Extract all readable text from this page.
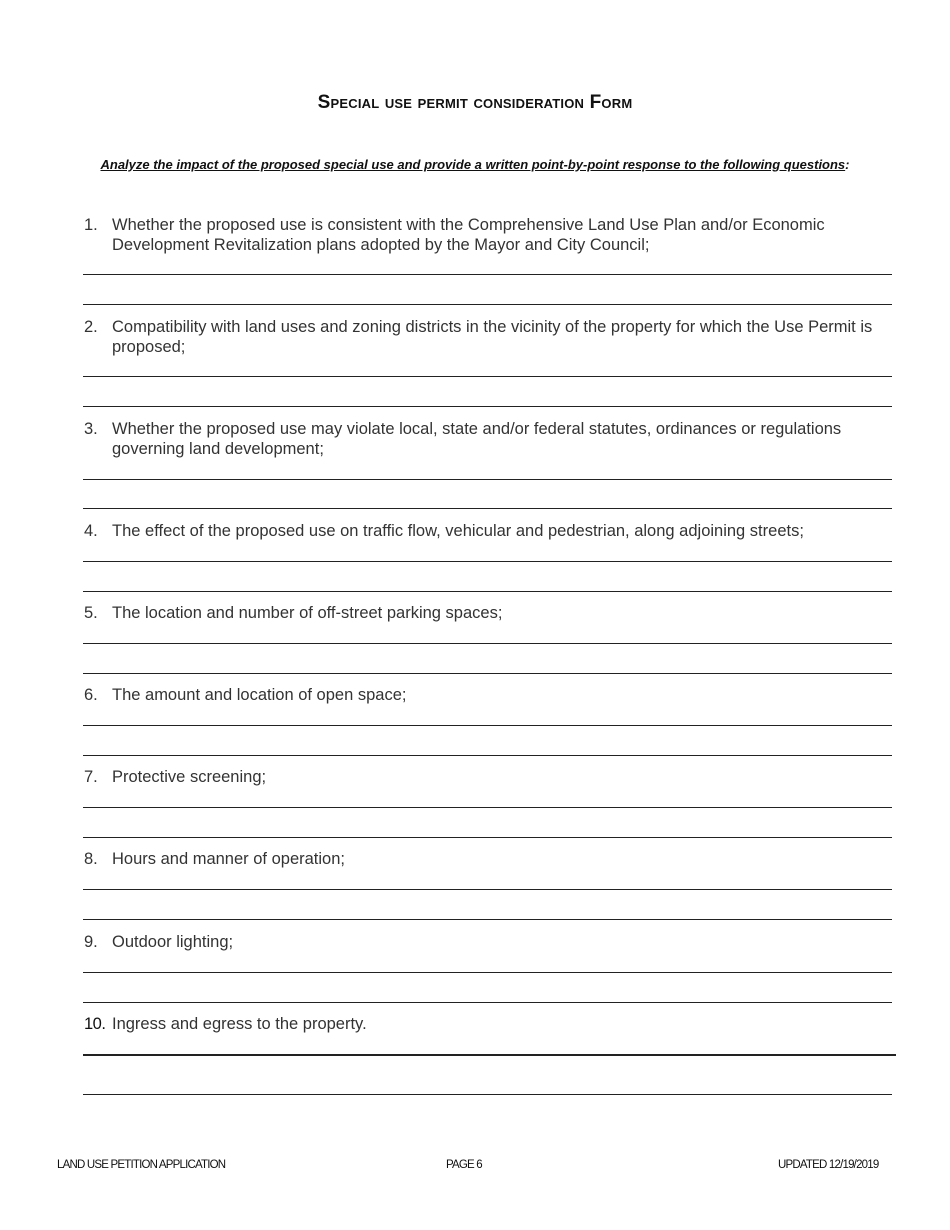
Special use permit consideration Form
Analyze the impact of the proposed special use and provide a written point-by-point response to the following questions:
1. Whether the proposed use is consistent with the Comprehensive Land Use Plan and/or Economic Development Revitalization plans adopted by the Mayor and City Council;
2. Compatibility with land uses and zoning districts in the vicinity of the property for which the Use Permit is proposed;
3. Whether the proposed use may violate local, state and/or federal statutes, ordinances or regulations governing land development;
4. The effect of the proposed use on traffic flow, vehicular and pedestrian, along adjoining streets;
5. The location and number of off-street parking spaces;
6. The amount and location of open space;
7. Protective screening;
8. Hours and manner of operation;
9. Outdoor lighting;
10. Ingress and egress to the property.
LAND USE PETITION APPLICATION	PAGE 6	UPDATED 12/19/2019
